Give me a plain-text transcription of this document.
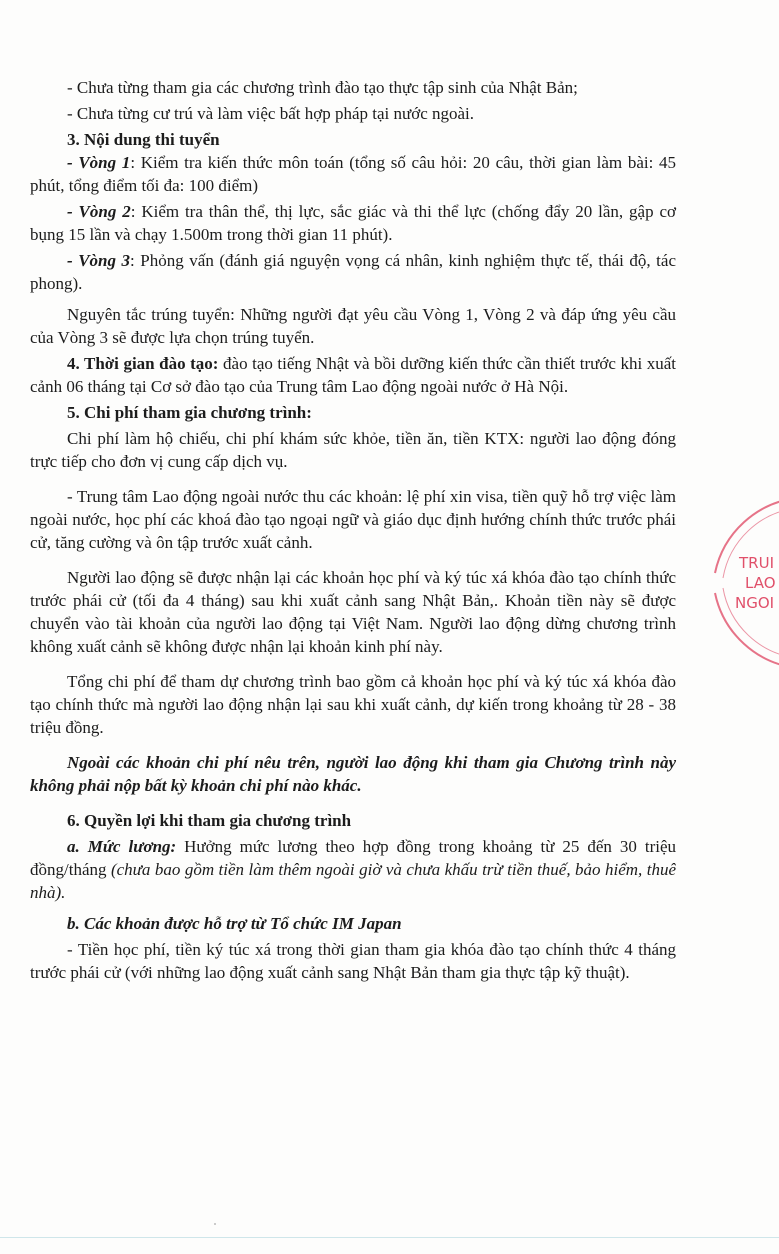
- Chưa từng tham gia các chương trình đào tạo thực tập sinh của Nhật Bản;

- Chưa từng cư trú và làm việc bất hợp pháp tại nước ngoài.

3. Nội dung thi tuyển

- Vòng 1: Kiểm tra kiến thức môn toán (tổng số câu hỏi: 20 câu, thời gian làm bài: 45 phút, tổng điểm tối đa: 100 điểm)

- Vòng 2: Kiểm tra thân thể, thị lực, sắc giác và thi thể lực (chống đẩy 20 lần, gập cơ bụng 15 lần và chạy 1.500m trong thời gian 11 phút).

- Vòng 3: Phỏng vấn (đánh giá nguyện vọng cá nhân, kinh nghiệm thực tế, thái độ, tác phong).

Nguyên tắc trúng tuyển: Những người đạt yêu cầu Vòng 1, Vòng 2 và đáp ứng yêu cầu của Vòng 3 sẽ được lựa chọn trúng tuyển.

4. Thời gian đào tạo: đào tạo tiếng Nhật và bồi dưỡng kiến thức cần thiết trước khi xuất cảnh 06 tháng tại Cơ sở đào tạo của Trung tâm Lao động ngoài nước ở Hà Nội.

5. Chi phí tham gia chương trình:

Chi phí làm hộ chiếu, chi phí khám sức khỏe, tiền ăn, tiền KTX: người lao động đóng trực tiếp cho đơn vị cung cấp dịch vụ.

- Trung tâm Lao động ngoài nước thu các khoản: lệ phí xin visa, tiền quỹ hỗ trợ việc làm ngoài nước, học phí các khoá đào tạo ngoại ngữ và giáo dục định hướng chính thức trước phái cử, tăng cường và ôn tập trước xuất cảnh.

Người lao động sẽ được nhận lại các khoản học phí và ký túc xá khóa đào tạo chính thức trước phái cử (tối đa 4 tháng) sau khi xuất cảnh sang Nhật Bản,. Khoản tiền này sẽ được chuyển vào tài khoản của người lao động tại Việt Nam. Người lao động dừng chương trình không xuất cảnh sẽ không được nhận lại khoản kinh phí này.

Tổng chi phí để tham dự chương trình bao gồm cả khoản học phí và ký túc xá khóa đào tạo chính thức mà người lao động nhận lại sau khi xuất cảnh, dự kiến trong khoảng từ 28 - 38 triệu đồng.

Ngoài các khoản chi phí nêu trên, người lao động khi tham gia Chương trình này không phải nộp bất kỳ khoản chi phí nào khác.

6. Quyền lợi khi tham gia chương trình

a. Mức lương: Hưởng mức lương theo hợp đồng trong khoảng từ 25 đến 30 triệu đồng/tháng (chưa bao gồm tiền làm thêm ngoài giờ và chưa khấu trừ tiền thuế, bảo hiểm, thuê nhà).

b. Các khoản được hỗ trợ từ Tổ chức IM Japan

- Tiền học phí, tiền ký túc xá trong thời gian tham gia khóa đào tạo chính thức 4 tháng trước phái cử (với những lao động xuất cảnh sang Nhật Bản tham gia thực tập kỹ thuật).

TRUI
LAO
NGOI
